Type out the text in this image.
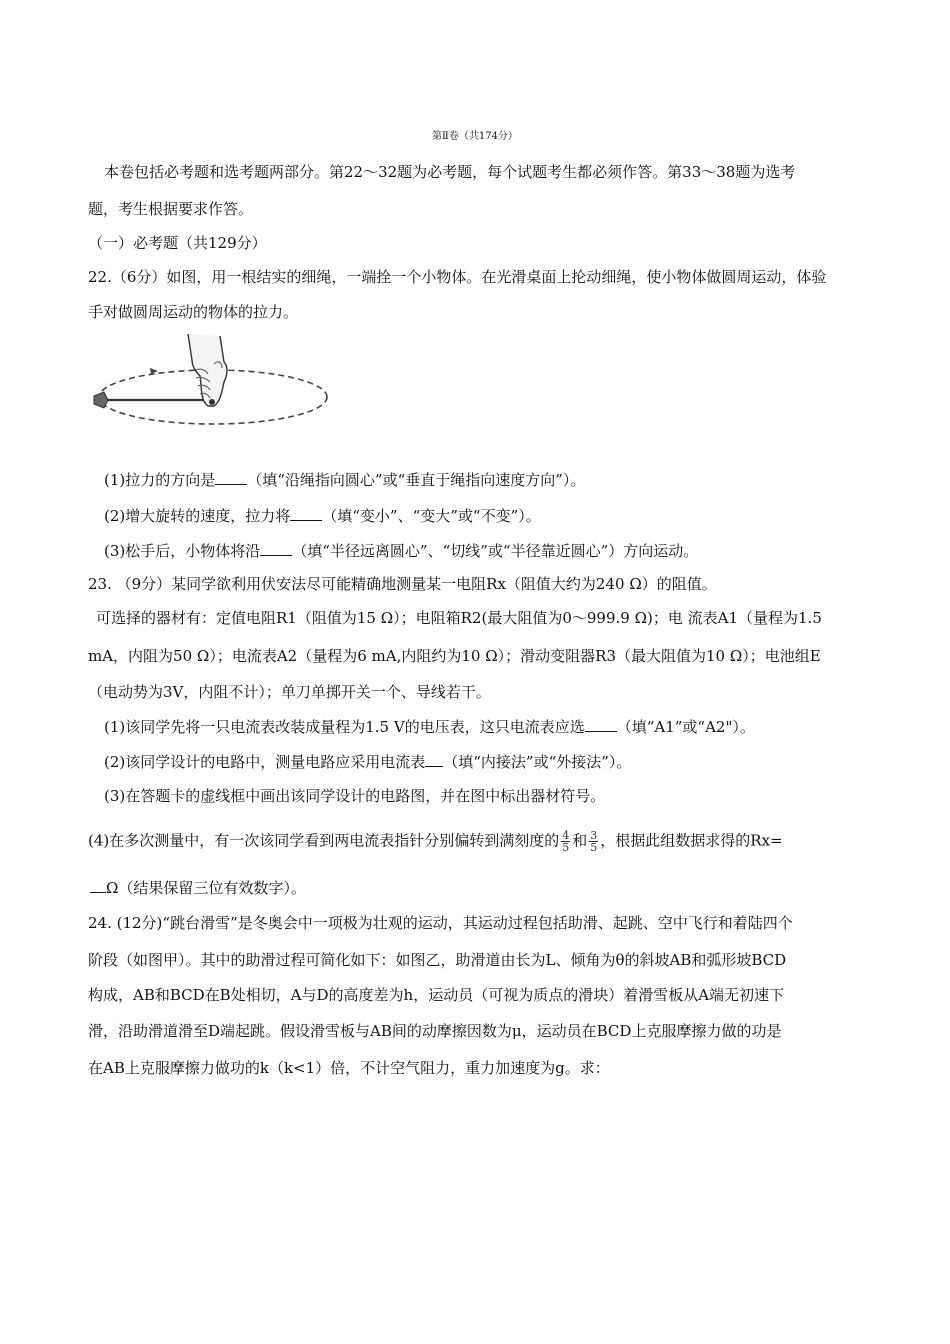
第Ⅱ卷（共174分）
本卷包括必考题和选考题两部分。第22～32题为必考题，每个试题考生都必须作答。第33～38题为选考
题，考生根据要求作答。
（一）必考题（共129分）
22.（6分）如图，用一根结实的细绳，一端拴一个小物体。在光滑桌面上抡动细绳，使小物体做圆周运动，体验
手对做圆周运动的物体的拉力。
(1)拉力的方向是 （填“沿绳指向圆心”或“垂直于绳指向速度方向”）。
(2)增大旋转的速度，拉力将 （填“变小”、“变大”或“不变”）。
(3)松手后，小物体将沿 （填“半径远离圆心”、“切线”或“半径靠近圆心”）方向运动。
23. （9分）某同学欲利用伏安法尽可能精确地测量某一电阻Rx（阻值大约为240 Ω）的阻值。
可选择的器材有：定值电阻R1（阻值为15 Ω）；电阻箱R2(最大阻值为0～999.9 Ω)；电 流表A1（量程为1.5
mA，内阻为50 Ω）；电流表A2（量程为6 mA,内阻约为10 Ω）；滑动变阻器R3（最大阻值为10 Ω）；电池组E
（电动势为3V，内阻不计）；单刀单掷开关一个、导线若干。
(1)该同学先将一只电流表改装成量程为1.5 V的电压表，这只电流表应选 （填“A1”或“A2"）。
(2)该同学设计的电路中，测量电路应采用电流表 （填“内接法”或“外接法”）。
(3)在答题卡的虚线框中画出该同学设计的电路图，并在图中标出器材符号。
(4)在多次测量中，有一次该同学看到两电流表指针分别偏转到满刻度的 $\frac{4}{5}$ 和 $\frac{3}{5}$ ，根据此组数据求得的Rx=
Ω（结果保留三位有效数字）。
24. (12分)“跳台滑雪”是冬奥会中一项极为壮观的运动，其运动过程包括助滑、起跳、空中飞行和着陆四个
阶段（如图甲）。其中的助滑过程可简化如下：如图乙，助滑道由长为L、倾角为θ的斜坡AB和弧形坡BCD
构成，AB和BCD在B处相切，A与D的高度差为h，运动员（可视为质点的滑块）着滑雪板从A端无初速下
滑，沿助滑道滑至D端起跳。假设滑雪板与AB间的动摩擦因数为μ，运动员在BCD上克服摩擦力做的功是
在AB上克服摩擦力做功的k（k<1）倍，不计空气阻力，重力加速度为g。求：
